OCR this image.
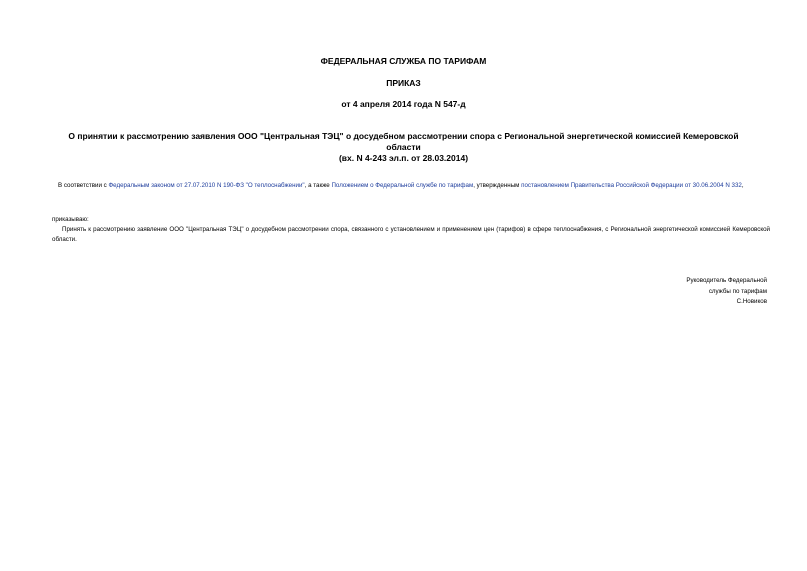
ФЕДЕРАЛЬНАЯ СЛУЖБА ПО ТАРИФАМ
ПРИКАЗ
от 4 апреля 2014 года N 547-д
О принятии к рассмотрению заявления ООО "Центральная ТЭЦ" о досудебном рассмотрении спора с Региональной энергетической комиссией Кемеровской
области
(вх. N 4-243 эл.п. от 28.03.2014)
В соответствии с Федеральным законом от 27.07.2010 N 190-ФЗ "О теплоснабжении", а также Положением о Федеральной службе по тарифам, утвержденным постановлением Правительства Российской Федерации от 30.06.2004 N 332,
приказываю:
Принять к рассмотрению заявление ООО "Центральная ТЭЦ" о досудебном рассмотрении спора, связанного с установлением и применением цен (тарифов) в сфере теплоснабжения, с Региональной энергетической комиссией Кемеровской области.
Руководитель Федеральной
службы по тарифам
С.Новиков
